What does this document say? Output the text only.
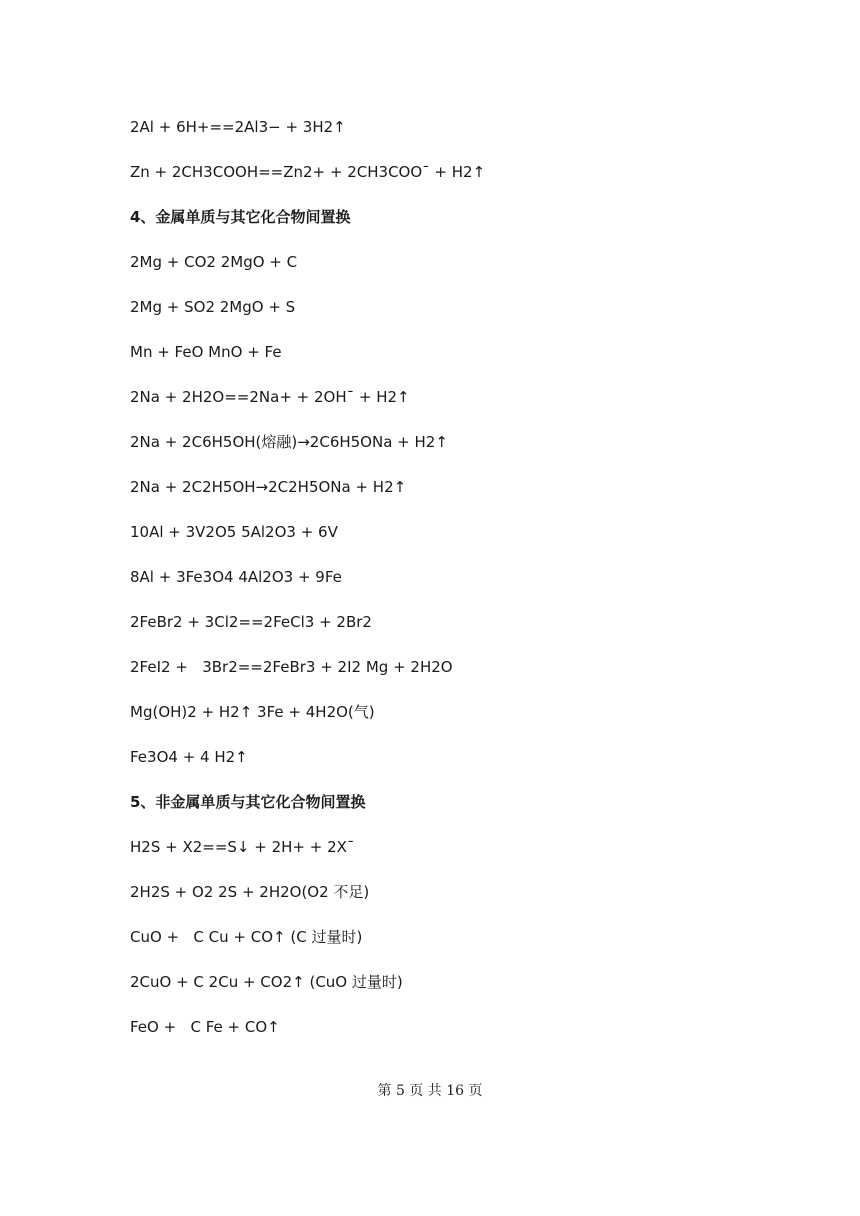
2Al + 6H+==2Al3− + 3H2↑
Zn + 2CH3COOH==Zn2+ + 2CH3COO¯ + H2↑
4、金属单质与其它化合物间置换
2Mg + CO2 2MgO + C
2Mg + SO2 2MgO + S
Mn + FeO MnO + Fe
2Na + 2H2O==2Na+ + 2OH¯ + H2↑
2Na + 2C6H5OH(熔融)→2C6H5ONa + H2↑
2Na + 2C2H5OH→2C2H5ONa + H2↑
10Al + 3V2O5 5Al2O3 + 6V
8Al + 3Fe3O4 4Al2O3 + 9Fe
2FeBr2 + 3Cl2==2FeCl3 + 2Br2
2FeI2 +   3Br2==2FeBr3 + 2I2 Mg + 2H2O
Mg(OH)2 + H2↑ 3Fe + 4H2O(气)
Fe3O4 + 4 H2↑
5、非金属单质与其它化合物间置换
H2S + X2==S↓ + 2H+ + 2X¯
2H2S + O2 2S + 2H2O(O2 不足)
CuO +   C Cu + CO↑ (C 过量时)
2CuO + C 2Cu + CO2↑ (CuO 过量时)
FeO +   C Fe + CO↑
第 5 页 共 16 页
